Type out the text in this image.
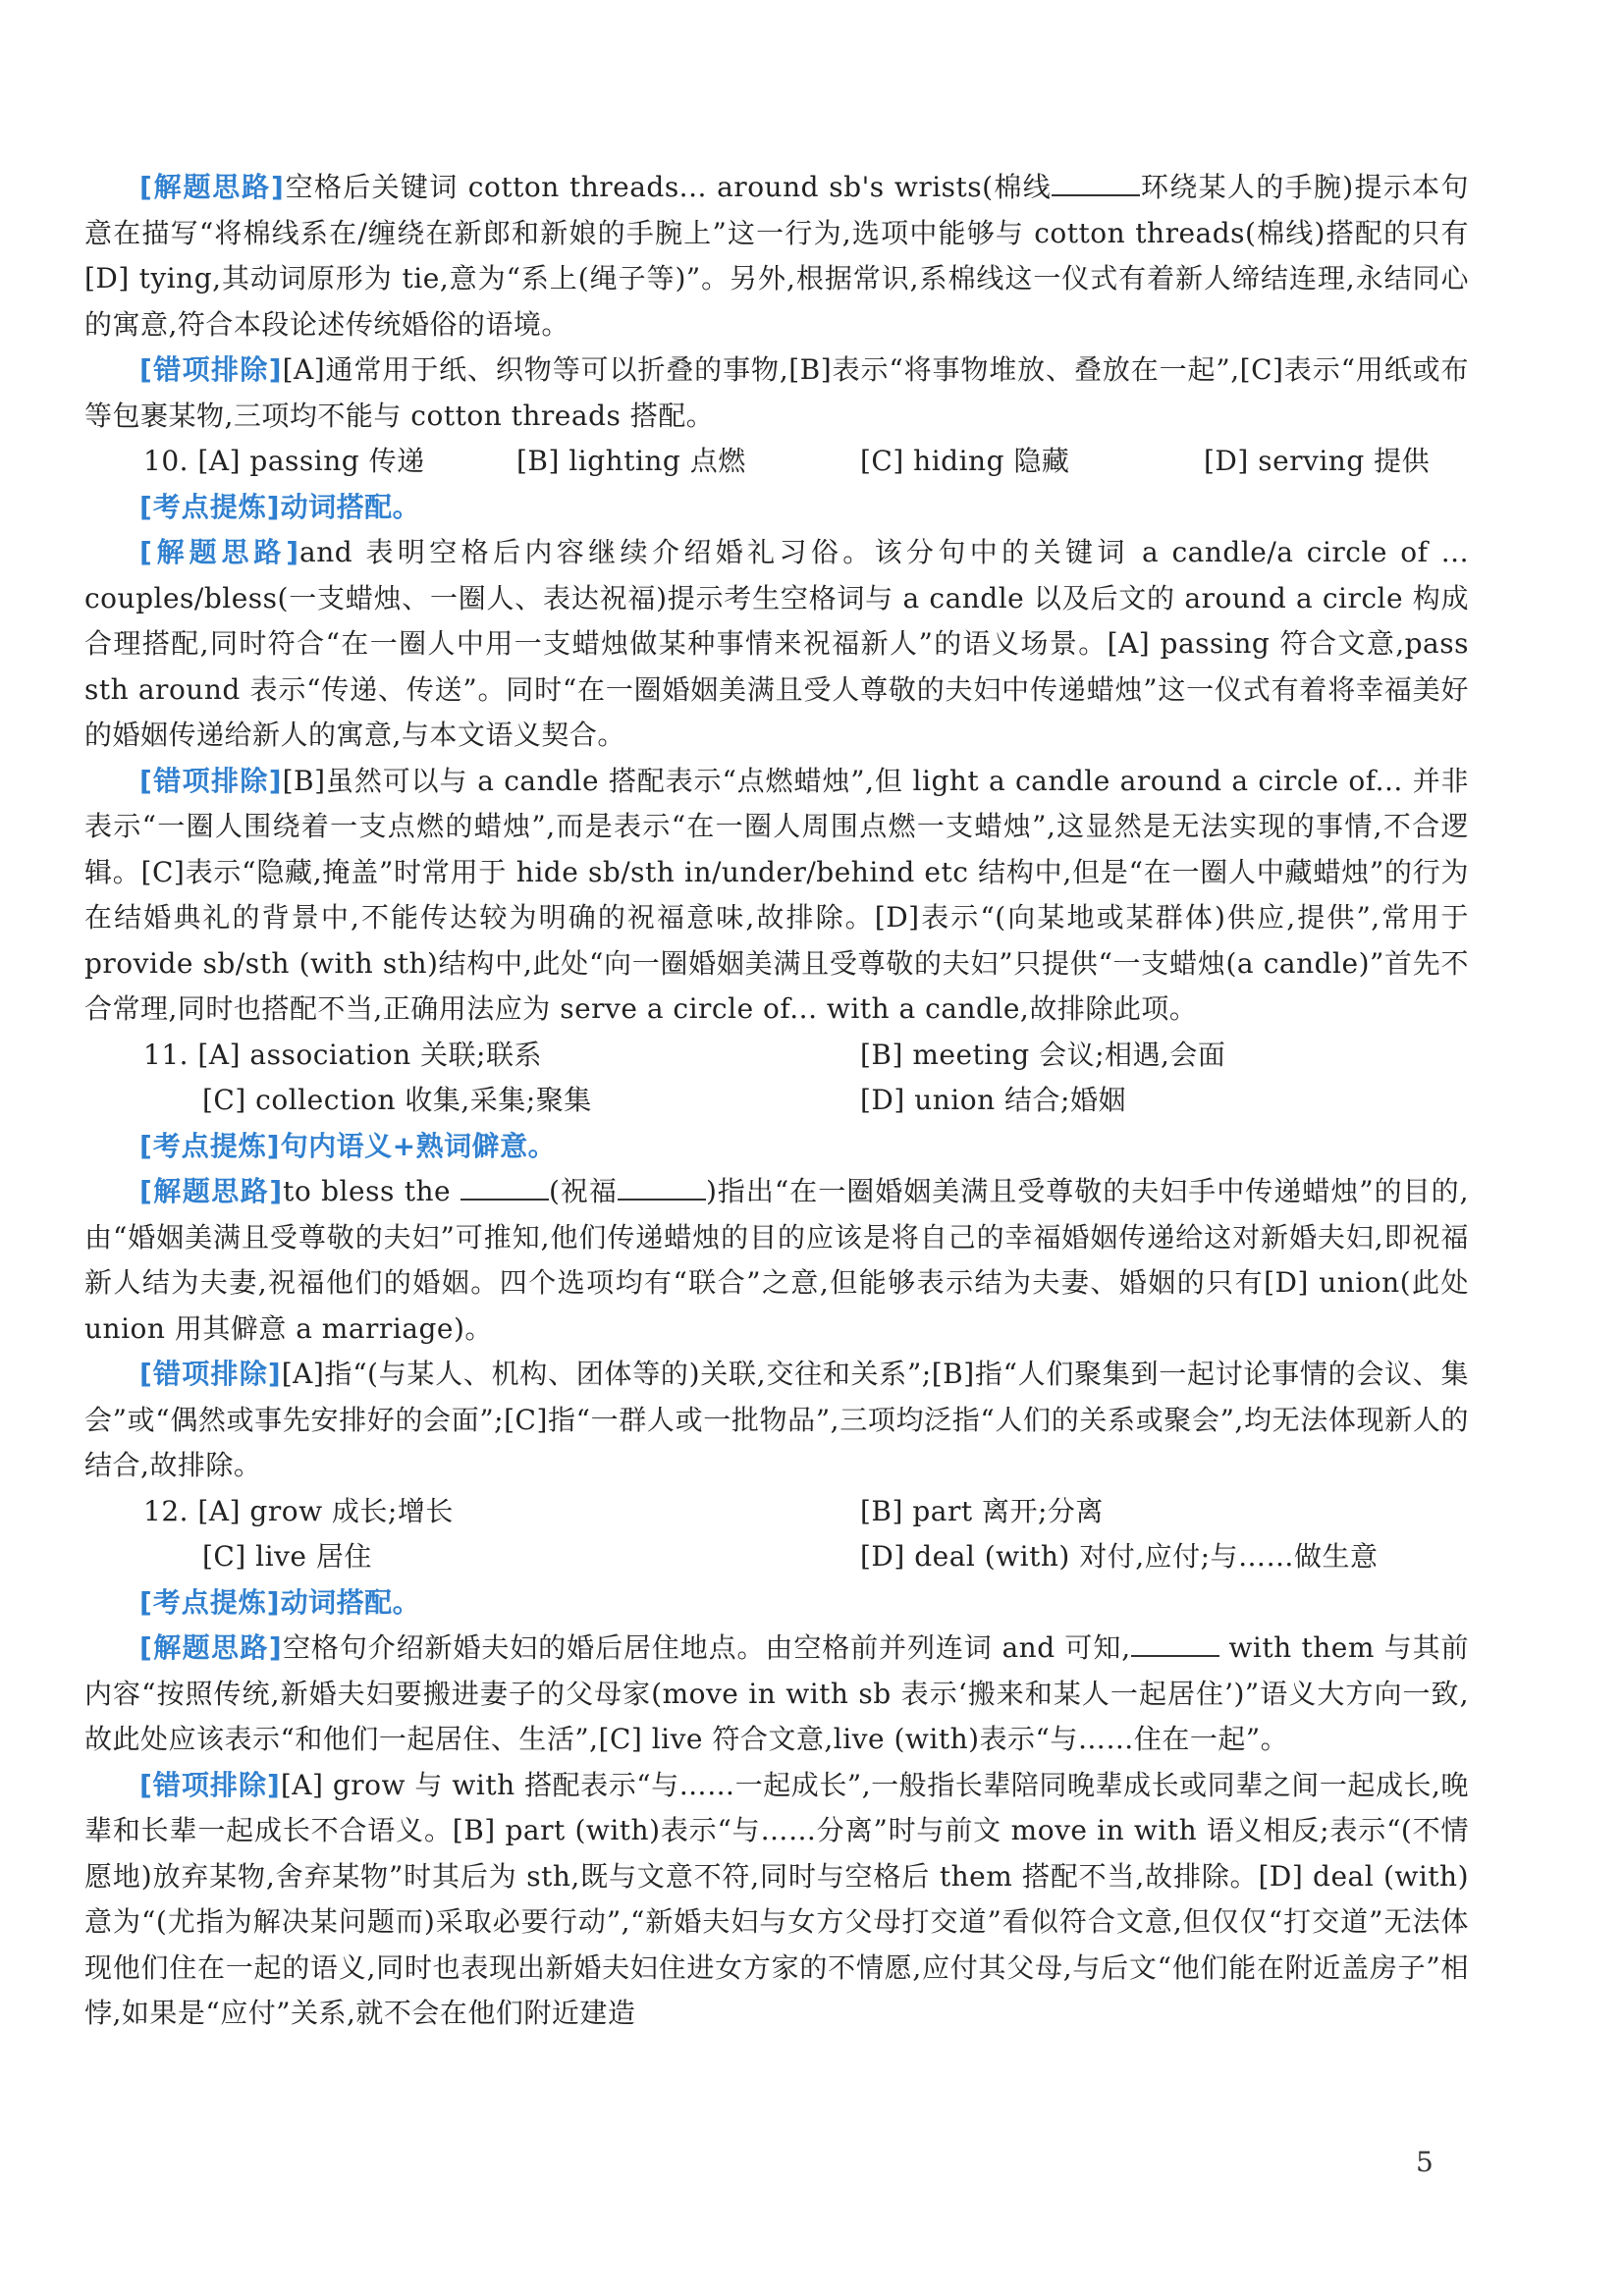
[解题思路]空格后关键词 cotton threads... around sb's wrists(棉线	环绕某人的手腕)提示本句意在描写“将棉线系在/缠绕在新郎和新娘的手腕上”这一行为,选项中能够与 cotton threads(棉线)搭配的只有[D] tying,其动词原形为 tie,意为“系上(绳子等)”。另外,根据常识,系棉线这一仪式有着新人缔结连理,永结同心的寓意,符合本段论述传统婚俗的语境。

[错项排除][A]通常用于纸、织物等可以折叠的事物,[B]表示“将事物堆放、叠放在一起”,[C]表示“用纸或布等包裹某物,三项均不能与 cotton threads 搭配。

10. [A] passing 传递	[B] lighting 点燃	[C] hiding 隐藏	[D] serving 提供

[考点提炼]动词搭配。

[解题思路]and 表明空格后内容继续介绍婚礼习俗。该分句中的关键词 a candle/a circle of ... couples/bless(一支蜡烛、一圈人、表达祝福)提示考生空格词与 a candle 以及后文的 around a circle 构成合理搭配,同时符合“在一圈人中用一支蜡烛做某种事情来祝福新人”的语义场景。[A] passing 符合文意,pass sth around 表示“传递、传送”。同时“在一圈婚姻美满且受人尊敬的夫妇中传递蜡烛”这一仪式有着将幸福美好的婚姻传递给新人的寓意,与本文语义契合。

[错项排除][B]虽然可以与 a candle 搭配表示“点燃蜡烛”,但 light a candle around a circle of... 并非表示“一圈人围绕着一支点燃的蜡烛”,而是表示“在一圈人周围点燃一支蜡烛”,这显然是无法实现的事情,不合逻辑。[C]表示“隐藏,掩盖”时常用于 hide sb/sth in/under/behind etc 结构中,但是“在一圈人中藏蜡烛”的行为在结婚典礼的背景中,不能传达较为明确的祝福意味,故排除。[D]表示“(向某地或某群体)供应,提供”,常用于 provide sb/sth (with sth)结构中,此处“向一圈婚姻美满且受尊敬的夫妇”只提供“一支蜡烛(a candle)”首先不合常理,同时也搭配不当,正确用法应为 serve a circle of... with a candle,故排除此项。

11. [A] association 关联;联系	[B] meeting 会议;相遇,会面
[C] collection 收集,采集;聚集	[D] union 结合;婚姻

[考点提炼]句内语义+熟词僻意。

[解题思路]to bless the	(祝福	)指出“在一圈婚姻美满且受尊敬的夫妇手中传递蜡烛”的目的,由“婚姻美满且受尊敬的夫妇”可推知,他们传递蜡烛的目的应该是将自己的幸福婚姻传递给这对新婚夫妇,即祝福新人结为夫妻,祝福他们的婚姻。四个选项均有“联合”之意,但能够表示结为夫妻、婚姻的只有[D] union(此处 union 用其僻意 a marriage)。

[错项排除][A]指“(与某人、机构、团体等的)关联,交往和关系”;[B]指“人们聚集到一起讨论事情的会议、集会”或“偶然或事先安排好的会面”;[C]指“一群人或一批物品”,三项均泛指“人们的关系或聚会”,均无法体现新人的结合,故排除。

12. [A] grow 成长;增长	[B] part 离开;分离
[C] live 居住	[D] deal (with) 对付,应付;与……做生意

[考点提炼]动词搭配。

[解题思路]空格句介绍新婚夫妇的婚后居住地点。由空格前并列连词 and 可知,	with them 与其前内容“按照传统,新婚夫妇要搬进妻子的父母家(move in with sb 表示‘搬来和某人一起居住’)”语义大方向一致,故此处应该表示“和他们一起居住、生活”,[C] live 符合文意,live (with)表示“与……住在一起”。

[错项排除][A] grow 与 with 搭配表示“与……一起成长”,一般指长辈陪同晚辈成长或同辈之间一起成长,晚辈和长辈一起成长不合语义。[B] part (with)表示“与……分离”时与前文 move in with 语义相反;表示“(不情愿地)放弃某物,舍弃某物”时其后为 sth,既与文意不符,同时与空格后 them 搭配不当,故排除。[D] deal (with)意为“(尤指为解决某问题而)采取必要行动”,“新婚夫妇与女方父母打交道”看似符合文意,但仅仅“打交道”无法体现他们住在一起的语义,同时也表现出新婚夫妇住进女方家的不情愿,应付其父母,与后文“他们能在附近盖房子”相悖,如果是“应付”关系,就不会在他们附近建造

5
